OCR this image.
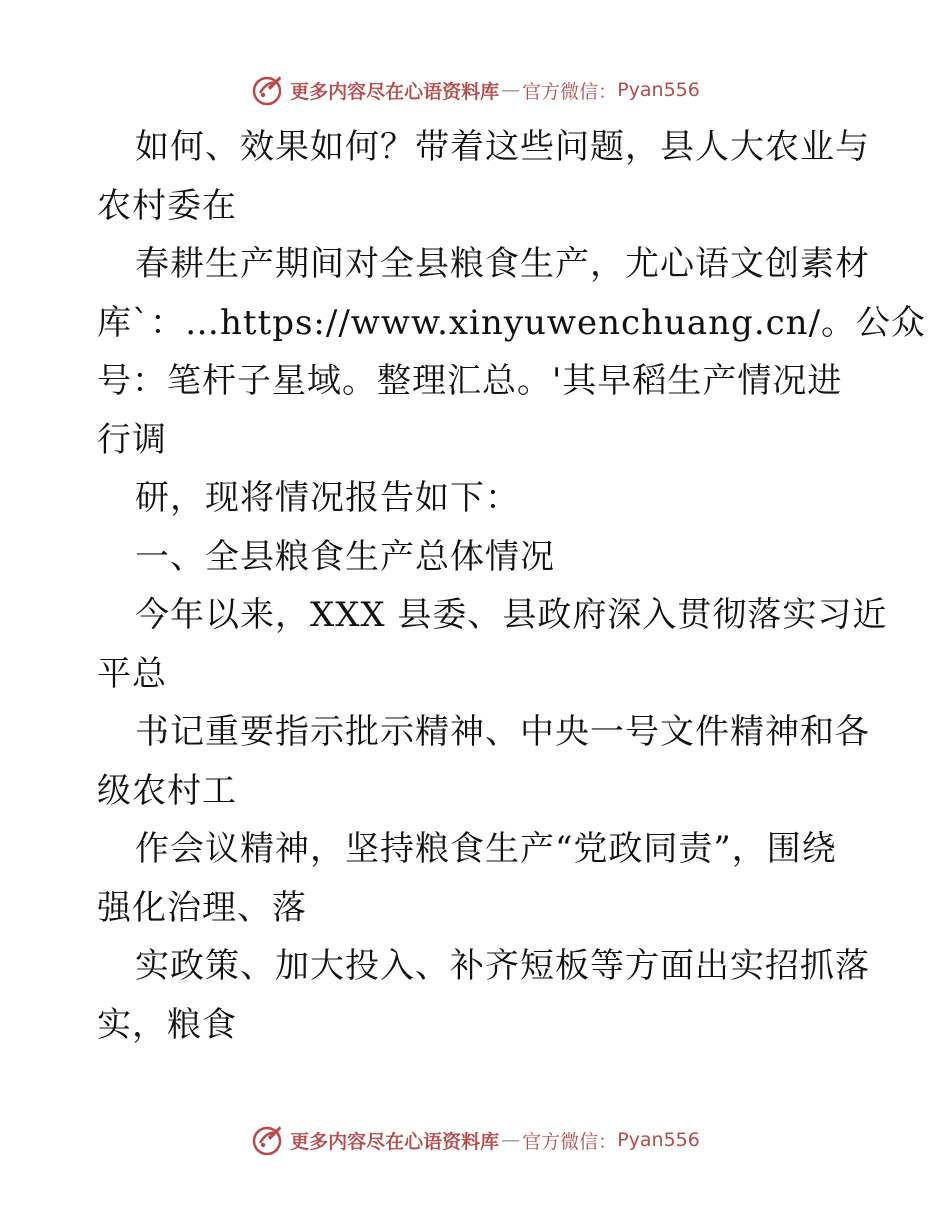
更多内容尽在心语资料库 — 官方微信： Pyan556
如何、效果如何？带着这些问题，县人大农业与
农村委在
春耕生产期间对全县粮食生产，尤心语文创素材
库`：…https://www.xinyuwenchuang.cn/。公众
号：笔杆子星域。整理汇总。'其早稻生产情况进
行调
研，现将情况报告如下：
一、全县粮食生产总体情况
今年以来，XXX 县委、县政府深入贯彻落实习近
平总
书记重要指示批示精神、中央一号文件精神和各
级农村工
作会议精神，坚持粮食生产“党政同责”，围绕
强化治理、落
实政策、加大投入、补齐短板等方面出实招抓落
实，粮食
更多内容尽在心语资料库 — 官方微信： Pyan556
